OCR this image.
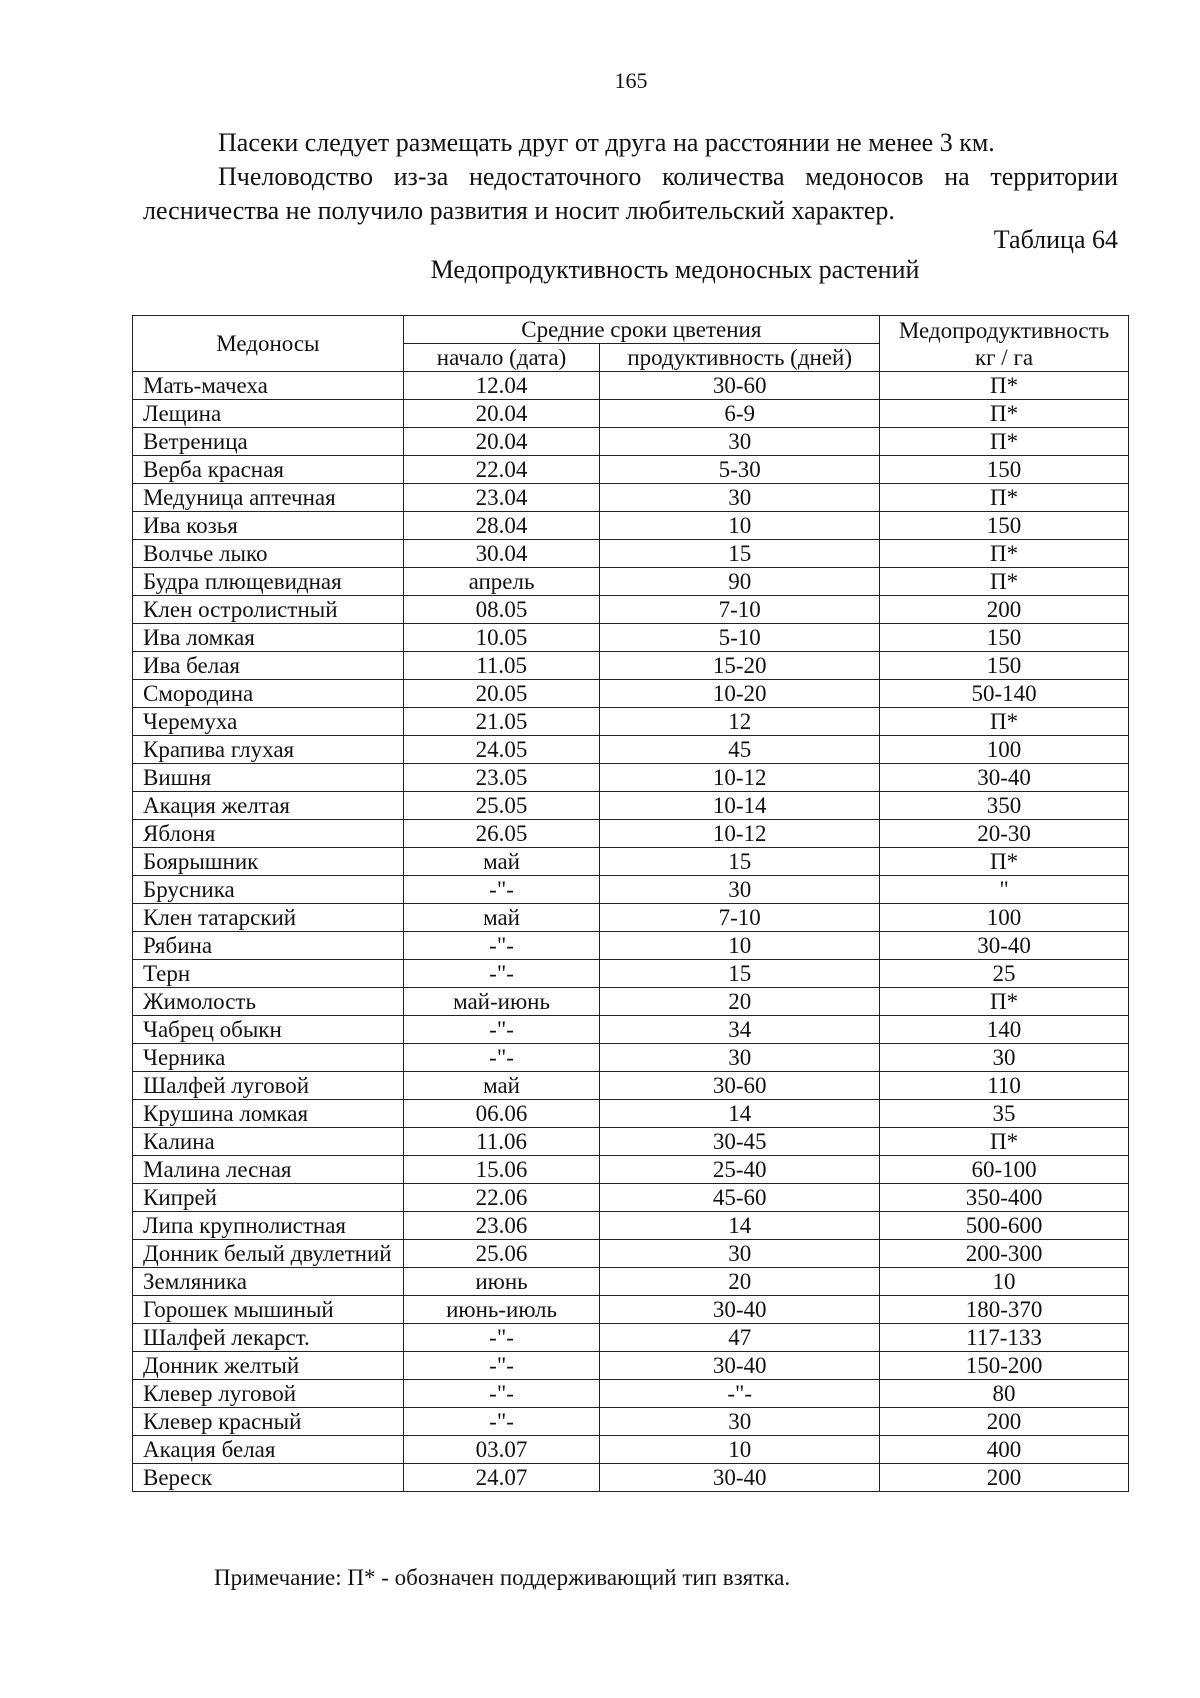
165
Пасеки следует размещать друг от друга на расстоянии не менее 3 км.
Пчеловодство из-за недостаточного количества медоносов на территории лесничества не получило развития и носит любительский характер.
Таблица 64
Медопродуктивность медоносных растений
Медоносы	Средние сроки цветения		Медопродуктивность кг / га
	начало (дата)	продуктивность (дней)	
Мать-мачеха	12.04	30-60	П*
Лещина	20.04	6-9	П*
Ветреница	20.04	30	П*
Верба красная	22.04	5-30	150
Медуница аптечная	23.04	30	П*
Ива козья	28.04	10	150
Волчье лыко	30.04	15	П*
Будра плющевидная	апрель	90	П*
Клен остролистный	08.05	7-10	200
Ива ломкая	10.05	5-10	150
Ива белая	11.05	15-20	150
Смородина	20.05	10-20	50-140
Черемуха	21.05	12	П*
Крапива глухая	24.05	45	100
Вишня	23.05	10-12	30-40
Акация желтая	25.05	10-14	350
Яблоня	26.05	10-12	20-30
Боярышник	май	15	П*
Брусника	-"-	30	"
Клен татарский	май	7-10	100
Рябина	-"-	10	30-40
Терн	-"-	15	25
Жимолость	май-июнь	20	П*
Чабрец обыкн	-"-	34	140
Черника	-"-	30	30
Шалфей луговой	май	30-60	110
Крушина ломкая	06.06	14	35
Калина	11.06	30-45	П*
Малина лесная	15.06	25-40	60-100
Кипрей	22.06	45-60	350-400
Липа крупнолистная	23.06	14	500-600
Донник белый двулетний	25.06	30	200-300
Земляника	июнь	20	10
Горошек мышиный	июнь-июль	30-40	180-370
Шалфей лекарст.	-"-	47	117-133
Донник желтый	-"-	30-40	150-200
Клевер луговой	-"-	-"-	80
Клевер красный	-"-	30	200
Акация белая	03.07	10	400
Вереск	24.07	30-40	200
Примечание: П* - обозначен поддерживающий тип взятка.
